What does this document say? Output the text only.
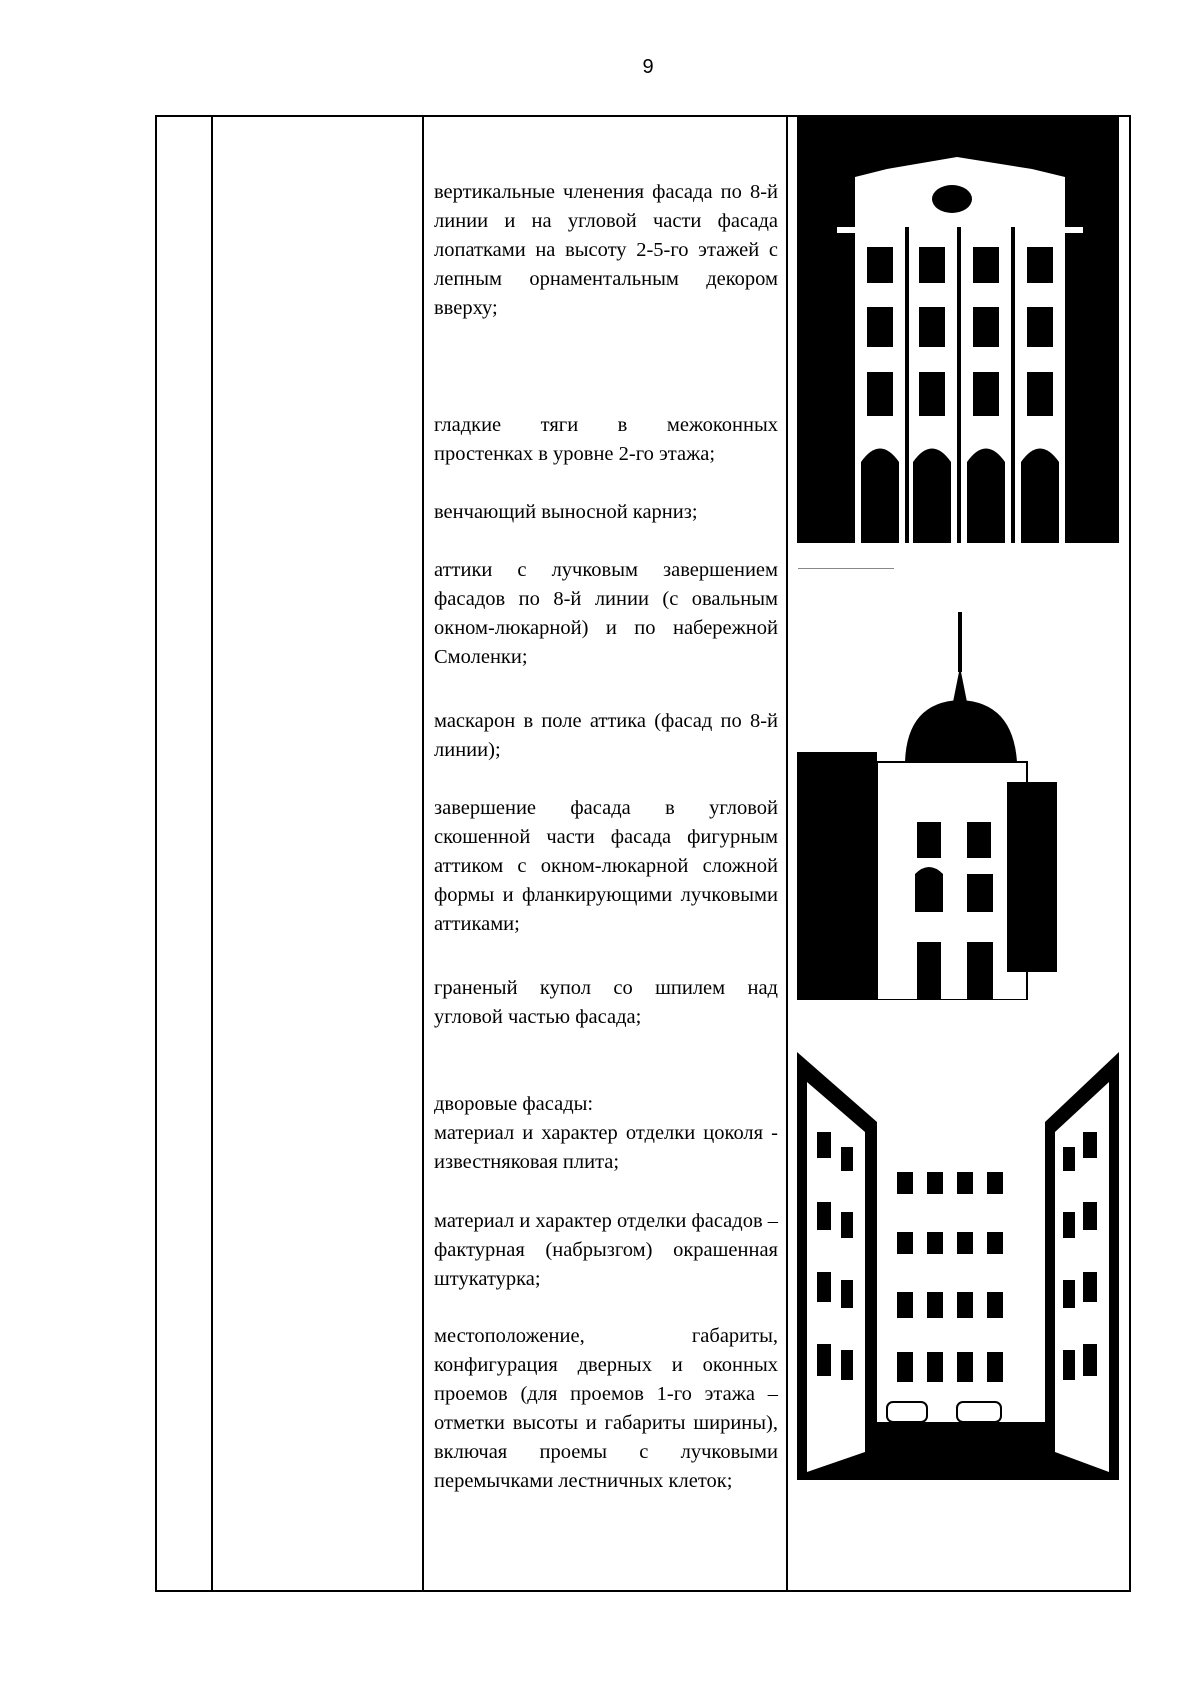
9
вертикальные членения фасада по 8-й линии и на угловой части фасада лопатками на высоту 2-5-го этажей с лепным орнаментальным декором вверху;
гладкие тяги в межоконных простенках в уровне 2-го этажа;
венчающий выносной карниз;
аттики с лучковым завершением фасадов по 8-й линии (с овальным окном-люкарной) и по набережной Смоленки;
маскарон в поле аттика (фасад по 8-й линии);
завершение фасада в угловой скошенной части фасада фигурным аттиком с окном-люкарной сложной формы и фланкирующими лучковыми аттиками;
граненый купол со шпилем над угловой частью фасада;
дворовые фасады:
материал и характер отделки цоколя - известняковая плита;
материал и характер отделки фасадов – фактурная (набрызгом) окрашенная штукатурка;
местоположение, габариты, конфигурация дверных и оконных проемов (для проемов 1-го этажа – отметки высоты и габариты ширины), включая проемы с лучковыми перемычками лестничных клеток;
